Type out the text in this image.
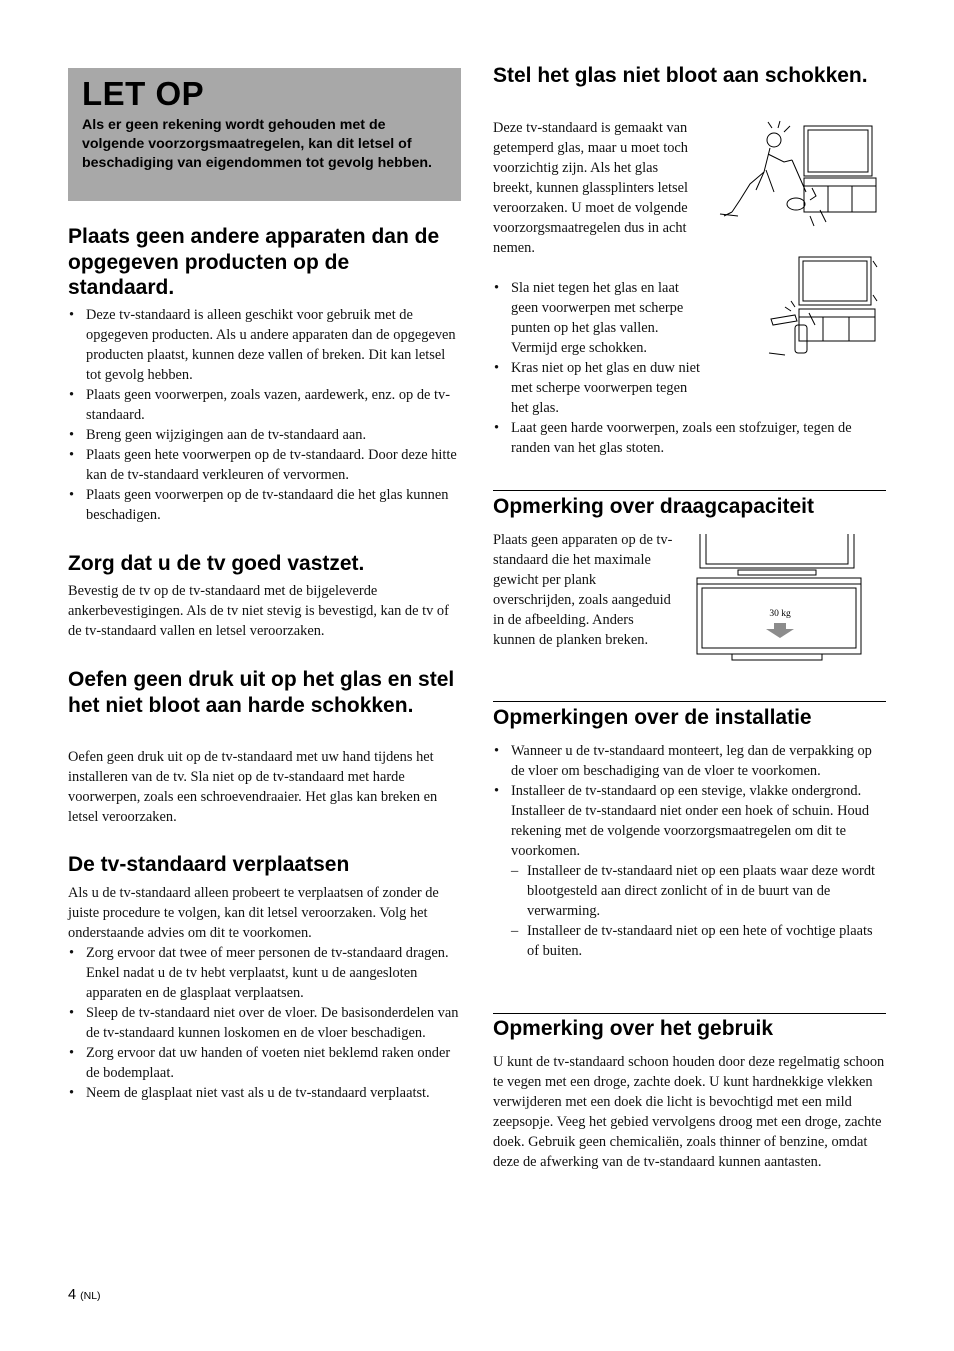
LET OP

Als er geen rekening wordt gehouden met de volgende voorzorgsmaatregelen, kan dit letsel of beschadiging van eigendommen tot gevolg hebben.

Plaats geen andere apparaten dan de opgegeven producten op de standaard.
• Deze tv-standaard is alleen geschikt voor gebruik met de opgegeven producten. Als u andere apparaten dan de opgegeven producten plaatst, kunnen deze vallen of breken. Dit kan letsel tot gevolg hebben.
• Plaats geen voorwerpen, zoals vazen, aardewerk, enz. op de tv-standaard.
• Breng geen wijzigingen aan de tv-standaard aan.
• Plaats geen hete voorwerpen op de tv-standaard. Door deze hitte kan de tv-standaard verkleuren of vervormen.
• Plaats geen voorwerpen op de tv-standaard die het glas kunnen beschadigen.
Zorg dat u de tv goed vastzet.

Bevestig de tv op de tv-standaard met de bijgeleverde ankerbevestigingen. Als de tv niet stevig is bevestigd, kan de tv of de tv-standaard vallen en letsel veroorzaken.

Oefen geen druk uit op het glas en stel het niet bloot aan harde schokken.

Oefen geen druk uit op de tv-standaard met uw hand tijdens het installeren van de tv. Sla niet op de tv-standaard met harde voorwerpen, zoals een schroevendraaier. Het glas kan breken en letsel veroorzaken.

De tv-standaard verplaatsen

Als u de tv-standaard alleen probeert te verplaatsen of zonder de juiste procedure te volgen, kan dit letsel veroorzaken. Volg het onderstaande advies om dit te voorkomen.

• Zorg ervoor dat twee of meer personen de tv-standaard dragen. Enkel nadat u de tv hebt verplaatst, kunt u de aangesloten apparaten en de glasplaat verplaatsen.
• Sleep de tv-standaard niet over de vloer. De basisonderdelen van de tv-standaard kunnen loskomen en de vloer beschadigen.
• Zorg ervoor dat uw handen of voeten niet beklemd raken onder de bodemplaat.
• Neem de glasplaat niet vast als u de tv-standaard verplaatst.
Stel het glas niet bloot aan schokken.

Deze tv-standaard is gemaakt van getemperd glas, maar u moet toch voorzichtig zijn. Als het glas breekt, kunnen glassplinters letsel veroorzaken. U moet de volgende voorzorgsmaatregelen dus in acht nemen.

• Sla niet tegen het glas en laat geen voorwerpen met scherpe punten op het glas vallen. Vermijd erge schokken.
• Kras niet op het glas en duw niet met scherpe voorwerpen tegen het glas.
• Laat geen harde voorwerpen, zoals een stofzuiger, tegen de randen van het glas stoten.
Opmerking over draagcapaciteit

Plaats geen apparaten op de tv-standaard die het maximale gewicht per plank overschrijden, zoals aangeduid in de afbeelding. Anders kunnen de planken breken.

30 kg
Opmerkingen over de installatie
• Wanneer u de tv-standaard monteert, leg dan de verpakking op de vloer om beschadiging van de vloer te voorkomen.
• Installeer de tv-standaard op een stevige, vlakke ondergrond. Installeer de tv-standaard niet onder een hoek of schuin. Houd rekening met de volgende voorzorgsmaatregelen om dit te voorkomen.
– Installeer de tv-standaard niet op een plaats waar deze wordt blootgesteld aan direct zonlicht of in de buurt van de verwarming.
– Installeer de tv-standaard niet op een hete of vochtige plaats of buiten.
Opmerking over het gebruik

U kunt de tv-standaard schoon houden door deze regelmatig schoon te vegen met een droge, zachte doek. U kunt hardnekkige vlekken verwijderen met een doek die licht is bevochtigd met een mild zeepsopje. Veeg het gebied vervolgens droog met een droge, zachte doek. Gebruik geen chemicaliën, zoals thinner of benzine, omdat deze de afwerking van de tv-standaard kunnen aantasten.

4 (NL)
